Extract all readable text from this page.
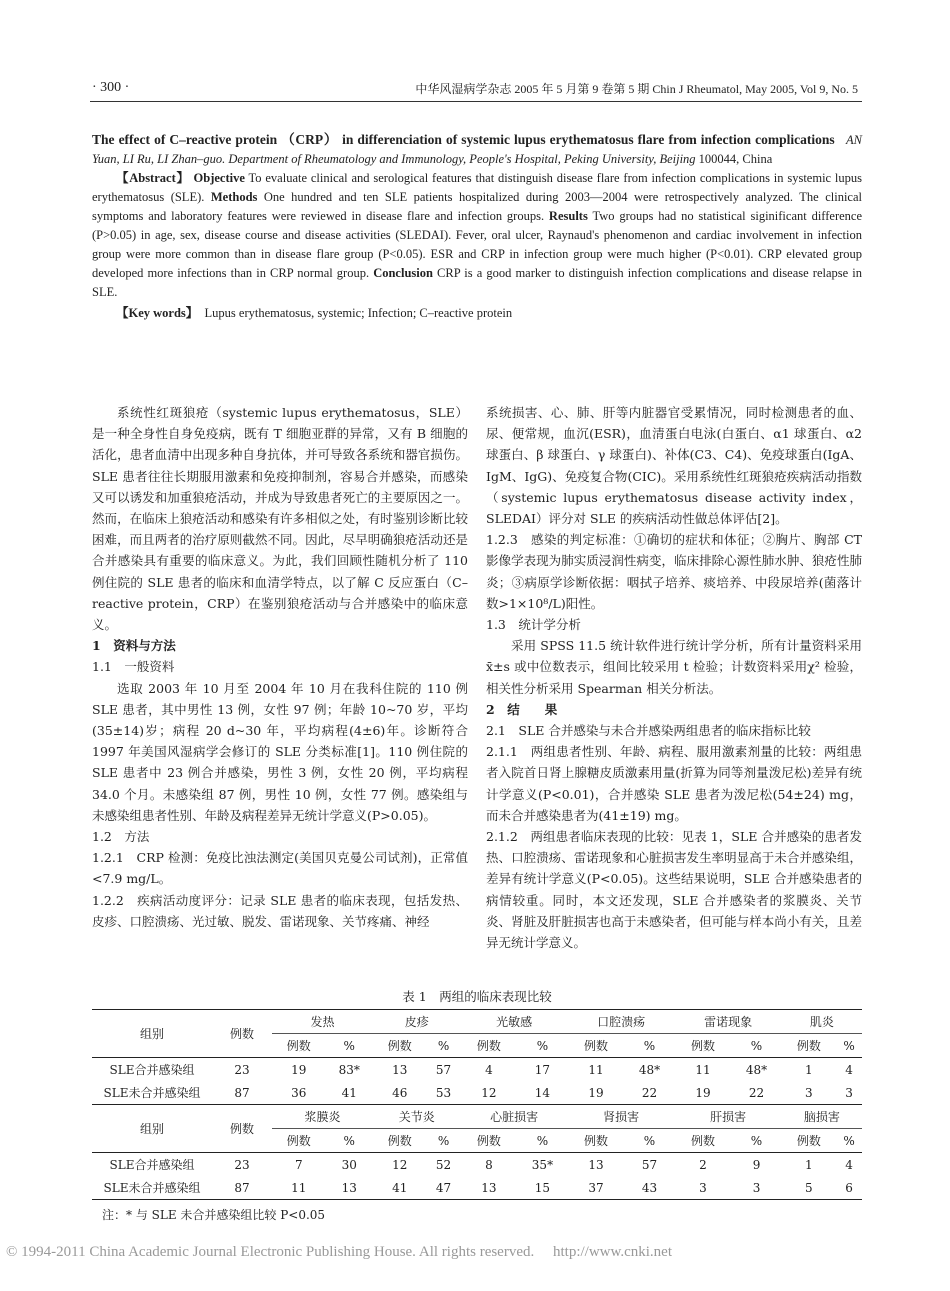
· 300 ·	中华风湿病学杂志 2005 年 5 月第 9 卷第 5 期 Chin J Rheumatol, May 2005, Vol 9, No. 5

The effect of C–reactive protein （CRP） in differenciation of systemic lupus erythematosus flare from infection complications AN Yuan, LI Ru, LI Zhan–guo. Department of Rheumatology and Immunology, People's Hospital, Peking University, Beijing 100044, China

【Abstract】 Objective To evaluate clinical and serological features that distinguish disease flare from infection complications in systemic lupus erythematosus (SLE). Methods One hundred and ten SLE patients hospitalized during 2003—2004 were retrospectively analyzed. The clinical symptoms and laboratory features were reviewed in disease flare and infection groups. Results Two groups had no statistical siginificant difference (P>0.05) in age, sex, disease course and disease activities (SLEDAI). Fever, oral ulcer, Raynaud's phenomenon and cardiac involvement in infection group were more common than in disease flare group (P<0.05). ESR and CRP in infection group were much higher (P<0.01). CRP elevated group developed more infections than in CRP normal group. Conclusion CRP is a good marker to distinguish infection complications and disease relapse in SLE.

【Key words】 Lupus erythematosus, systemic; Infection; C–reactive protein

系统性红斑狼疮（systemic lupus erythematosus，SLE）是一种全身性自身免疫病，既有 T 细胞亚群的异常，又有 B 细胞的活化，患者血清中出现多种自身抗体，并可导致各系统和器官损伤。SLE 患者往往长期服用激素和免疫抑制剂，容易合并感染，而感染又可以诱发和加重狼疮活动，并成为导致患者死亡的主要原因之一。然而，在临床上狼疮活动和感染有许多相似之处，有时鉴别诊断比较困难，而且两者的治疗原则截然不同。因此，尽早明确狼疮活动还是合并感染具有重要的临床意义。为此，我们回顾性随机分析了 110 例住院的 SLE 患者的临床和血清学特点，以了解 C 反应蛋白（C–reactive protein，CRP）在鉴别狼疮活动与合并感染中的临床意义。

1　资料与方法

1.1　一般资料

选取 2003 年 10 月至 2004 年 10 月在我科住院的 110 例 SLE 患者，其中男性 13 例，女性 97 例；年龄 10~70 岁，平均(35±14)岁；病程 20 d~30 年，平均病程(4±6)年。诊断符合 1997 年美国风湿病学会修订的 SLE 分类标准[1]。110 例住院的 SLE 患者中 23 例合并感染，男性 3 例，女性 20 例，平均病程 34.0 个月。未感染组 87 例，男性 10 例，女性 77 例。感染组与未感染组患者性别、年龄及病程差异无统计学意义(P>0.05)。

1.2　方法

1.2.1　CRP 检测：免疫比浊法测定(美国贝克曼公司试剂)，正常值<7.9 mg/L。

1.2.2　疾病活动度评分：记录 SLE 患者的临床表现，包括发热、皮疹、口腔溃疡、光过敏、脱发、雷诺现象、关节疼痛、神经

系统损害、心、肺、肝等内脏器官受累情况，同时检测患者的血、尿、便常规，血沉(ESR)，血清蛋白电泳(白蛋白、α1 球蛋白、α2 球蛋白、β 球蛋白、γ 球蛋白)、补体(C3、C4)、免疫球蛋白(IgA、IgM、IgG)、免疫复合物(CIC)。采用系统性红斑狼疮疾病活动指数（systemic lupus erythematosus disease activity index，SLEDAI）评分对 SLE 的疾病活动性做总体评估[2]。

1.2.3　感染的判定标准：①确切的症状和体征；②胸片、胸部 CT 影像学表现为肺实质浸润性病变，临床排除心源性肺水肿、狼疮性肺炎；③病原学诊断依据：咽拭子培养、痰培养、中段尿培养(菌落计数>1×10⁸/L)阳性。

1.3　统计学分析

采用 SPSS 11.5 统计软件进行统计学分析，所有计量资料采用 x̄±s 或中位数表示，组间比较采用 t 检验；计数资料采用χ² 检验，相关性分析采用 Spearman 相关分析法。

2　结　　果

2.1　SLE 合并感染与未合并感染两组患者的临床指标比较

2.1.1　两组患者性别、年龄、病程、服用激素剂量的比较：两组患者入院首日肾上腺糖皮质激素用量(折算为同等剂量泼尼松)差异有统计学意义(P<0.01)，合并感染 SLE 患者为泼尼松(54±24) mg，而未合并感染患者为(41±19) mg。

2.1.2　两组患者临床表现的比较：见表 1，SLE 合并感染的患者发热、口腔溃疡、雷诺现象和心脏损害发生率明显高于未合并感染组，差异有统计学意义(P<0.05)。这些结果说明，SLE 合并感染患者的病情较重。同时，本文还发现，SLE 合并感染者的浆膜炎、关节炎、肾脏及肝脏损害也高于未感染者，但可能与样本尚小有关，且差异无统计学意义。

表 1　两组的临床表现比较
组别	例数	发热		皮疹		光敏感		口腔溃疡		雷诺现象		肌炎	
		例数	%	例数	%	例数	%	例数	%	例数	%	例数	%
SLE合并感染组	23	19	83*	13	57	4	17	11	48*	11	48*	1	4
SLE未合并感染组	87	36	41	46	53	12	14	19	22	19	22	3	3
组别	例数	浆膜炎		关节炎		心脏损害		肾损害		肝损害		脑损害	
		例数	%	例数	%	例数	%	例数	%	例数	%	例数	%
SLE合并感染组	23	7	30	12	52	8	35*	13	57	2	9	1	4
SLE未合并感染组	87	11	13	41	47	13	15	37	43	3	3	5	6
注：* 与 SLE 未合并感染组比较 P<0.05
© 1994-2011 China Academic Journal Electronic Publishing House. All rights reserved.　 http://www.cnki.net
